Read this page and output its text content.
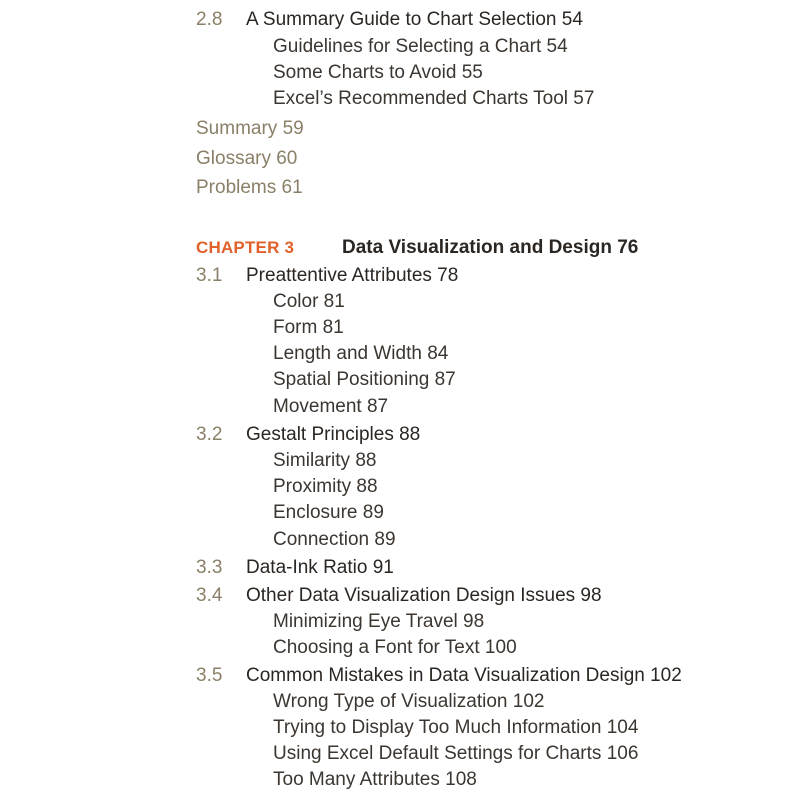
2.8 A Summary Guide to Chart Selection 54
Guidelines for Selecting a Chart 54
Some Charts to Avoid 55
Excel’s Recommended Charts Tool 57
Summary 59
Glossary 60
Problems 61
CHAPTER 3	Data Visualization and Design 76
3.1 Preattentive Attributes 78
Color 81
Form 81
Length and Width 84
Spatial Positioning 87
Movement 87
3.2 Gestalt Principles 88
Similarity 88
Proximity 88
Enclosure 89
Connection 89
3.3 Data-Ink Ratio 91
3.4 Other Data Visualization Design Issues 98
Minimizing Eye Travel 98
Choosing a Font for Text 100
3.5 Common Mistakes in Data Visualization Design 102
Wrong Type of Visualization 102
Trying to Display Too Much Information 104
Using Excel Default Settings for Charts 106
Too Many Attributes 108
